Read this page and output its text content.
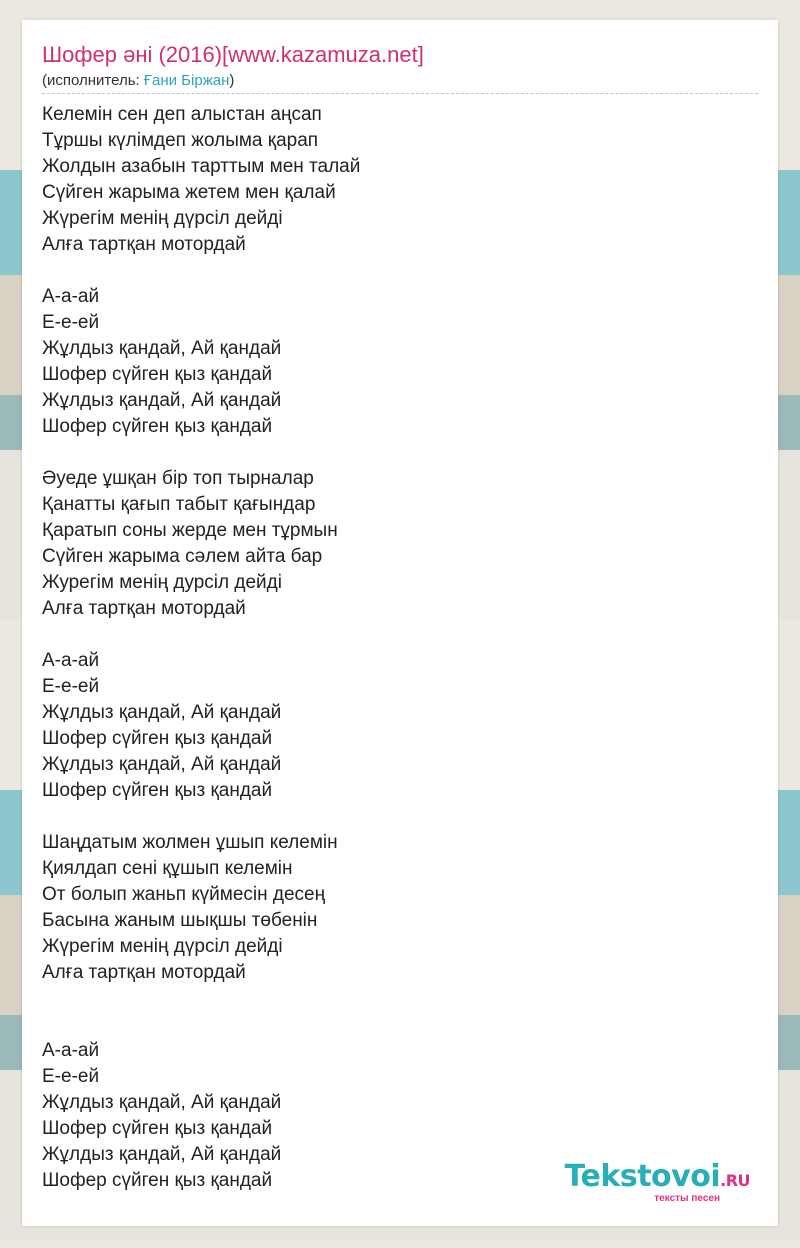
Шофер әні (2016)[www.kazamuza.net]
(исполнитель: Ғани Біржан)
Келемін сен деп алыстан аңсап
Тұршы күлімдеп жолыма қарап
Жолдын азабын тарттым мен талай
Сүйген жарыма жетем мен қалай
Жүрегім менің дүрсіл дейді
Алға тартқан мотордай

А-а-ай
Е-е-ей
Жұлдыз қандай, Ай қандай
Шофер сүйген қыз қандай
Жұлдыз қандай, Ай қандай
Шофер сүйген қыз қандай

Әуеде ұшқан бір топ тырналар
Қанатты қағып табыт қағындар
Қаратып соны жерде мен тұрмын
Сүйген жарыма сәлем айта бар
Журегім менің дурсіл дейді
Алға тартқан мотордай

А-а-ай
Е-е-ей
Жұлдыз қандай, Ай қандай
Шофер сүйген қыз қандай
Жұлдыз қандай, Ай қандай
Шофер сүйген қыз қандай

Шаңдатым жолмен ұшып келемін
Қиялдап сені құшып келемін
От болып жаньп күймесін десең
Басына жаным шықшы төбенін
Жүрегім менің дүрсіл дейді
Алға тартқан мотордай

А-а-ай
Е-е-ей
Жұлдыз қандай, Ай қандай
Шофер сүйген қыз қандай
Жұлдыз қандай, Ай қандай
Шофер сүйген қыз қандай	Tekstovoi.RU
тексты песен
